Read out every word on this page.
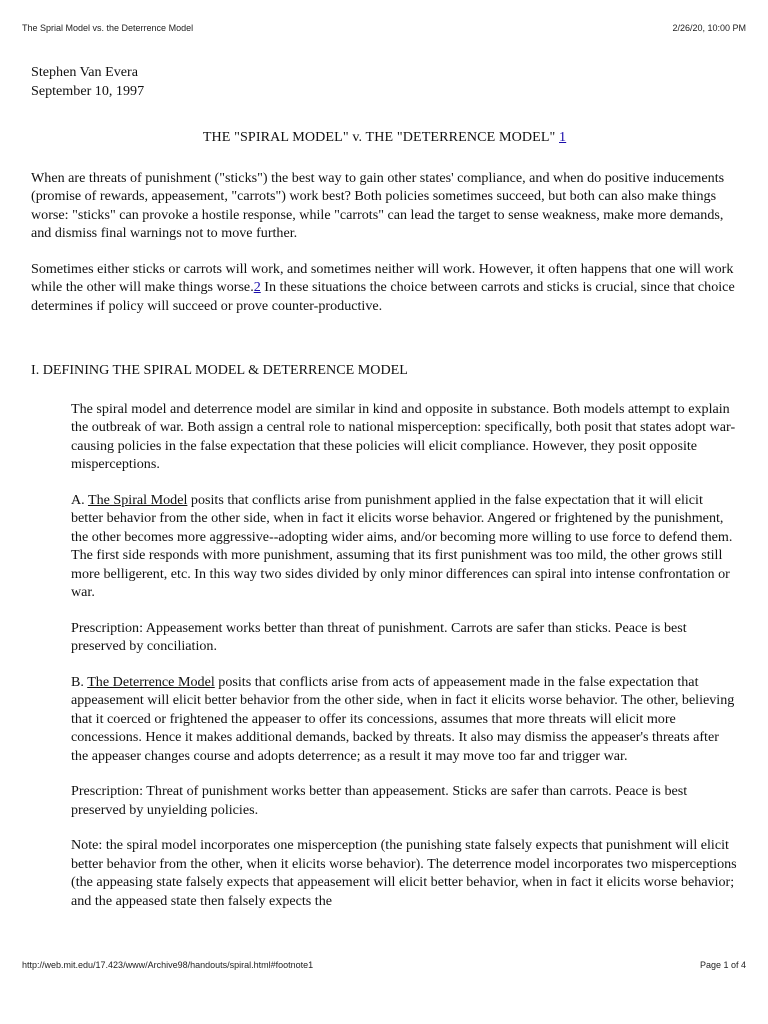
The Sprial Model vs. the Deterrence Model	2/26/20, 10:00 PM
Stephen Van Evera
September 10, 1997
THE "SPIRAL MODEL" v. THE "DETERRENCE MODEL" 1

When are threats of punishment ("sticks") the best way to gain other states' compliance, and when do positive inducements (promise of rewards, appeasement, "carrots") work best? Both policies sometimes succeed, but both can also make things worse: "sticks" can provoke a hostile response, while "carrots" can lead the target to sense weakness, make more demands, and dismiss final warnings not to move further.

Sometimes either sticks or carrots will work, and sometimes neither will work. However, it often happens that one will work while the other will make things worse.2 In these situations the choice between carrots and sticks is crucial, since that choice determines if policy will succeed or prove counter-productive.

I. DEFINING THE SPIRAL MODEL & DETERRENCE MODEL

The spiral model and deterrence model are similar in kind and opposite in substance. Both models attempt to explain the outbreak of war. Both assign a central role to national misperception: specifically, both posit that states adopt war-causing policies in the false expectation that these policies will elicit compliance. However, they posit opposite misperceptions.

A. The Spiral Model posits that conflicts arise from punishment applied in the false expectation that it will elicit better behavior from the other side, when in fact it elicits worse behavior. Angered or frightened by the punishment, the other becomes more aggressive--adopting wider aims, and/or becoming more willing to use force to defend them. The first side responds with more punishment, assuming that its first punishment was too mild, the other grows still more belligerent, etc. In this way two sides divided by only minor differences can spiral into intense confrontation or war.

Prescription: Appeasement works better than threat of punishment. Carrots are safer than sticks. Peace is best preserved by conciliation.

B. The Deterrence Model posits that conflicts arise from acts of appeasement made in the false expectation that appeasement will elicit better behavior from the other side, when in fact it elicits worse behavior. The other, believing that it coerced or frightened the appeaser to offer its concessions, assumes that more threats will elicit more concessions. Hence it makes additional demands, backed by threats. It also may dismiss the appeaser's threats after the appeaser changes course and adopts deterrence; as a result it may move too far and trigger war.

Prescription: Threat of punishment works better than appeasement. Sticks are safer than carrots. Peace is best preserved by unyielding policies.

Note: the spiral model incorporates one misperception (the punishing state falsely expects that punishment will elicit better behavior from the other, when it elicits worse behavior). The deterrence model incorporates two misperceptions (the appeasing state falsely expects that appeasement will elicit better behavior, when in fact it elicits worse behavior; and the appeased state then falsely expects the

http://web.mit.edu/17.423/www/Archive98/handouts/spiral.html#footnote1	Page 1 of 4
